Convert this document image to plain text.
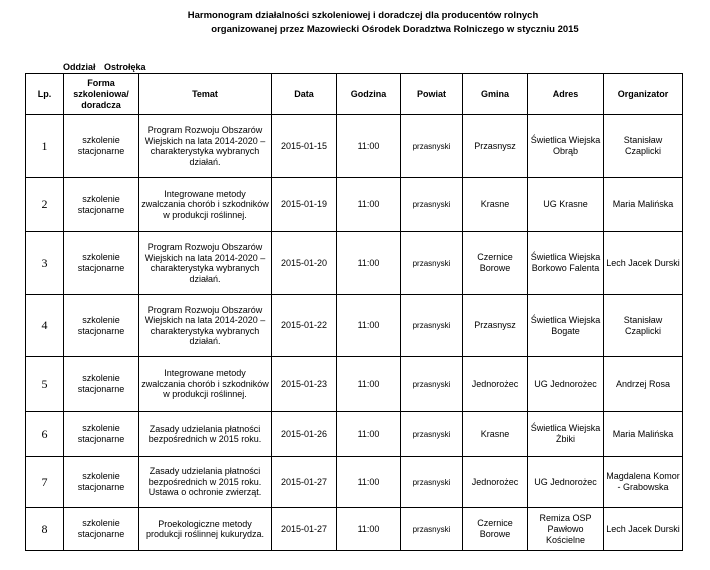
Harmonogram działalności szkoleniowej i doradczej dla producentów rolnych
organizowanej przez Mazowiecki Ośrodek Doradztwa Rolniczego w styczniu 2015
Oddział Ostrołęka
Lp.	Forma szkoleniowa/ doradcza	Temat	Data	Godzina	Powiat	Gmina	Adres	Organizator
1	szkolenie stacjonarne	Program Rozwoju Obszarów Wiejskich na lata 2014-2020 – charakterystyka wybranych działań.	2015-01-15	11:00	przasnyski	Przasnysz	Świetlica Wiejska Obrąb	Stanisław Czaplicki
2	szkolenie stacjonarne	Integrowane metody zwalczania chorób i szkodników w produkcji roślinnej.	2015-01-19	11:00	przasnyski	Krasne	UG Krasne	Maria Malińska
3	szkolenie stacjonarne	Program Rozwoju Obszarów Wiejskich na lata 2014-2020 – charakterystyka wybranych działań.	2015-01-20	11:00	przasnyski	Czernice Borowe	Świetlica Wiejska Borkowo Falenta	Lech Jacek Durski
4	szkolenie stacjonarne	Program Rozwoju Obszarów Wiejskich na lata 2014-2020 – charakterystyka wybranych działań.	2015-01-22	11:00	przasnyski	Przasnysz	Świetlica Wiejska Bogate	Stanisław Czaplicki
5	szkolenie stacjonarne	Integrowane metody zwalczania chorób i szkodników w produkcji roślinnej.	2015-01-23	11:00	przasnyski	Jednorożec	UG Jednorożec	Andrzej Rosa
6	szkolenie stacjonarne	Zasady udzielania płatności bezpośrednich w 2015 roku.	2015-01-26	11:00	przasnyski	Krasne	Świetlica Wiejska Żbiki	Maria Malińska
7	szkolenie stacjonarne	Zasady udzielania płatności bezpośrednich w 2015 roku. Ustawa o ochronie zwierząt.	2015-01-27	11:00	przasnyski	Jednorożec	UG Jednorożec	Magdalena Komor - Grabowska
8	szkolenie stacjonarne	Proekologiczne metody produkcji roślinnej kukurydza.	2015-01-27	11:00	przasnyski	Czernice Borowe	Remiza OSP Pawłowo Kościelne	Lech Jacek Durski
